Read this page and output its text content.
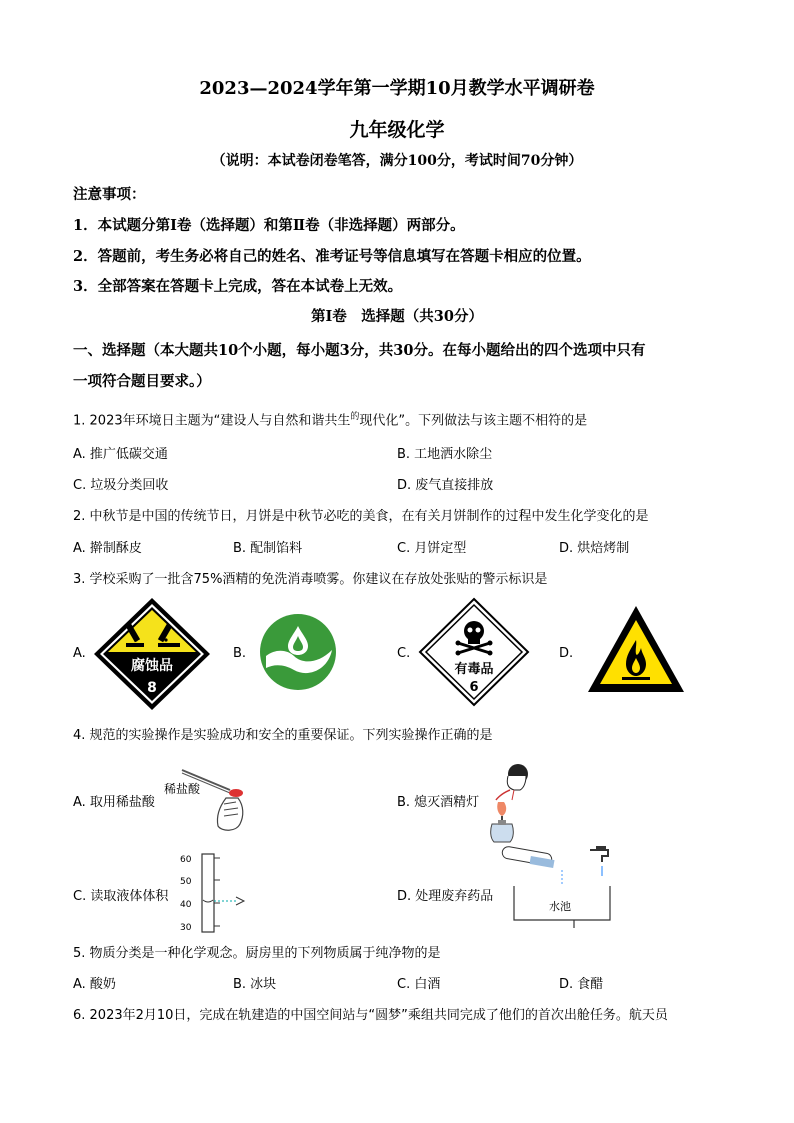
2023—2024学年第一学期10月教学水平调研卷
九年级化学
（说明：本试卷闭卷笔答，满分100分，考试时间70分钟）
注意事项：
1．本试题分第Ⅰ卷（选择题）和第Ⅱ卷（非选择题）两部分。
2．答题前，考生务必将自己的姓名、准考证号等信息填写在答题卡相应的位置。
3．全部答案在答题卡上完成，答在本试卷上无效。
第Ⅰ卷　选择题（共30分）
一、选择题（本大题共10个小题，每小题3分，共30分。在每小题给出的四个选项中只有
一项符合题目要求。）
1. 2023年环境日主题为“建设人与自然和谐共生$^的$现代化”。下列做法与该主题不相符的是
A. 推广低碳交通	B. 工地洒水除尘
C. 垃圾分类回收	D. 废气直接排放
2. 中秋节是中国的传统节日，月饼是中秋节必吃的美食，在有关月饼制作的过程中发生化学变化的是
A. 擀制酥皮	B. 配制馅料	C. 月饼定型	D. 烘焙烤制
3. 学校采购了一批含75%酒精的免洗消毒喷雾。你建议在存放处张贴的警示标识是
A.	B.	C.	D.
腐蚀品
8
有毒品
6
4. 规范的实验操作是实验成功和安全的重要保证。下列实验操作正确的是
A. 取用稀盐酸
稀盐酸
B. 熄灭酒精灯
C. 读取液体体积
60
50
40
30
D. 处理废弃药品
水池
5. 物质分类是一种化学观念。厨房里的下列物质属于纯净物的是
A. 酸奶	B. 冰块	C. 白酒	D. 食醋
6. 2023年2月10日，完成在轨建造的中国空间站与“圆梦”乘组共同完成了他们的首次出舱任务。航天员
